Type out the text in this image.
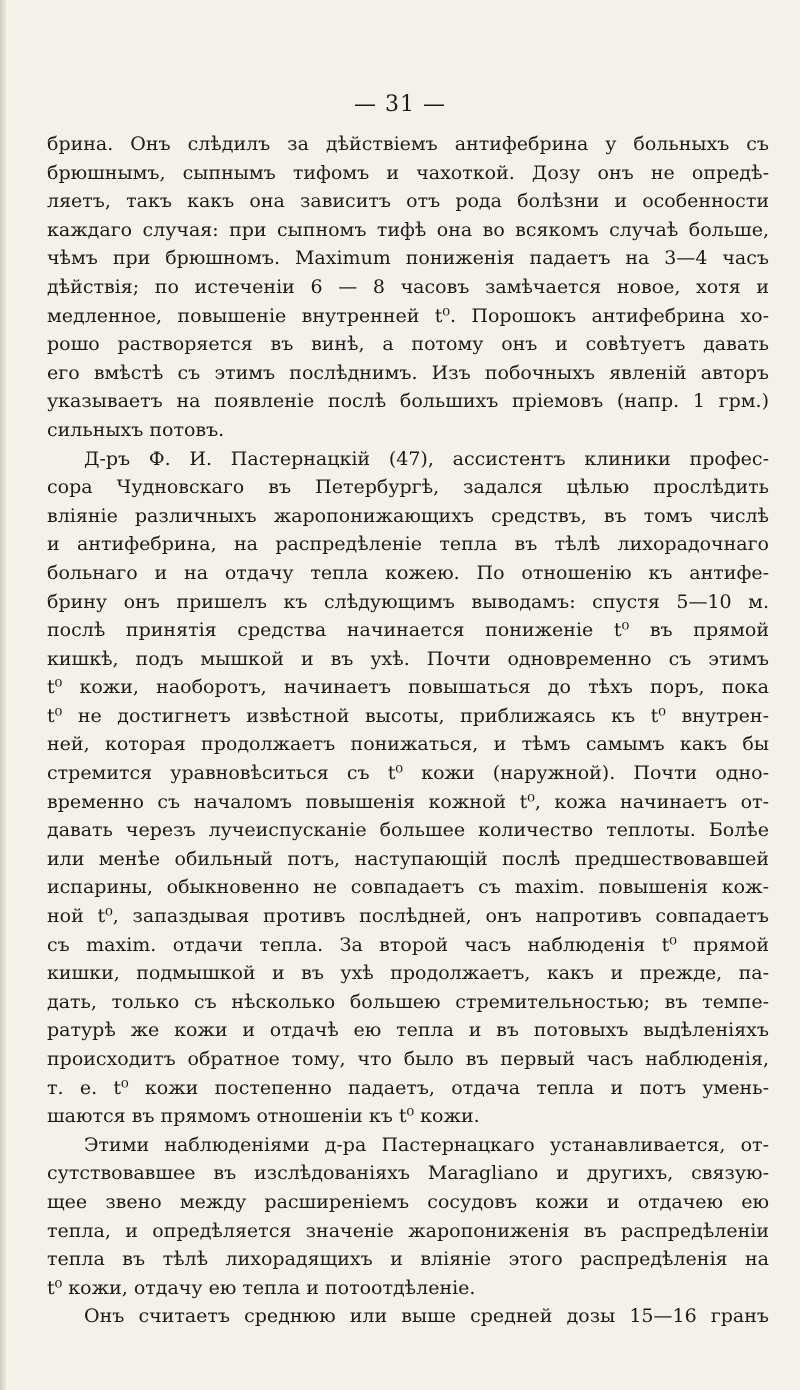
— 31 —
брина. Онъ слѣдилъ за дѣйствіемъ антифебрина у больныхъ съ
брюшнымъ, сыпнымъ тифомъ и чахоткой. Дозу онъ не опредѣ-
ляетъ, такъ какъ она зависитъ отъ рода болѣзни и особенности
каждаго случая: при сыпномъ тифѣ она во всякомъ случаѣ больше,
чѣмъ при брюшномъ. Maximum пониженія падаетъ на 3—4 часъ
дѣйствія; по истеченіи 6 — 8 часовъ замѣчается новое, хотя и
медленное, повышеніе внутренней t⁰. Порошокъ антифебрина хо-
рошо растворяется въ винѣ, а потому онъ и совѣтуетъ давать
его вмѣстѣ съ этимъ послѣднимъ. Изъ побочныхъ явленій авторъ
указываетъ на появленіе послѣ большихъ пріемовъ (напр. 1 грм.)
сильныхъ потовъ.
Д-ръ Ф. И. Пастернацкій (47), ассистентъ клиники профес-
сора Чудновскаго въ Петербургѣ, задался цѣлью прослѣдить
вліяніе различныхъ жаропонижающихъ средствъ, въ томъ числѣ
и антифебрина, на распредѣленіе тепла въ тѣлѣ лихорадочнаго
больнаго и на отдачу тепла кожею. По отношенію къ антифе-
брину онъ пришелъ къ слѣдующимъ выводамъ: спустя 5—10 м.
послѣ принятія средства начинается пониженіе t⁰ въ прямой
кишкѣ, подъ мышкой и въ ухѣ. Почти одновременно съ этимъ
t⁰ кожи, наоборотъ, начинаетъ повышаться до тѣхъ поръ, пока
t⁰ не достигнетъ извѣстной высоты, приближаясь къ t⁰ внутрен-
ней, которая продолжаетъ понижаться, и тѣмъ самымъ какъ бы
стремится уравновѣситься съ t⁰ кожи (наружной). Почти одно-
временно съ началомъ повышенія кожной t⁰, кожа начинаетъ от-
давать черезъ лучеиспусканіе большее количество теплоты. Болѣе
или менѣе обильный потъ, наступающій послѣ предшествовавшей
испарины, обыкновенно не совпадаетъ съ maxim. повышенія кож-
ной t⁰, запаздывая противъ послѣдней, онъ напротивъ совпадаетъ
съ maxim. отдачи тепла. За второй часъ наблюденія t⁰ прямой
кишки, подмышкой и въ ухѣ продолжаетъ, какъ и прежде, па-
дать, только съ нѣсколько большею стремительностью; въ темпе-
ратурѣ же кожи и отдачѣ ею тепла и въ потовыхъ выдѣленіяхъ
происходитъ обратное тому, что было въ первый часъ наблюденія,
т. е. t⁰ кожи постепенно падаетъ, отдача тепла и потъ умень-
шаются въ прямомъ отношеніи къ t⁰ кожи.
Этими наблюденіями д-ра Пастернацкаго устанавливается, от-
сутствовавшее въ изслѣдованіяхъ Maragliano и другихъ, связую-
щее звено между расширеніемъ сосудовъ кожи и отдачею ею
тепла, и опредѣляется значеніе жаропониженія въ распредѣленіи
тепла въ тѣлѣ лихорадящихъ и вліяніе этого распредѣленія на
t⁰ кожи, отдачу ею тепла и потоотдѣленіе.
Онъ считаетъ среднюю или выше средней дозы 15—16 гранъ
